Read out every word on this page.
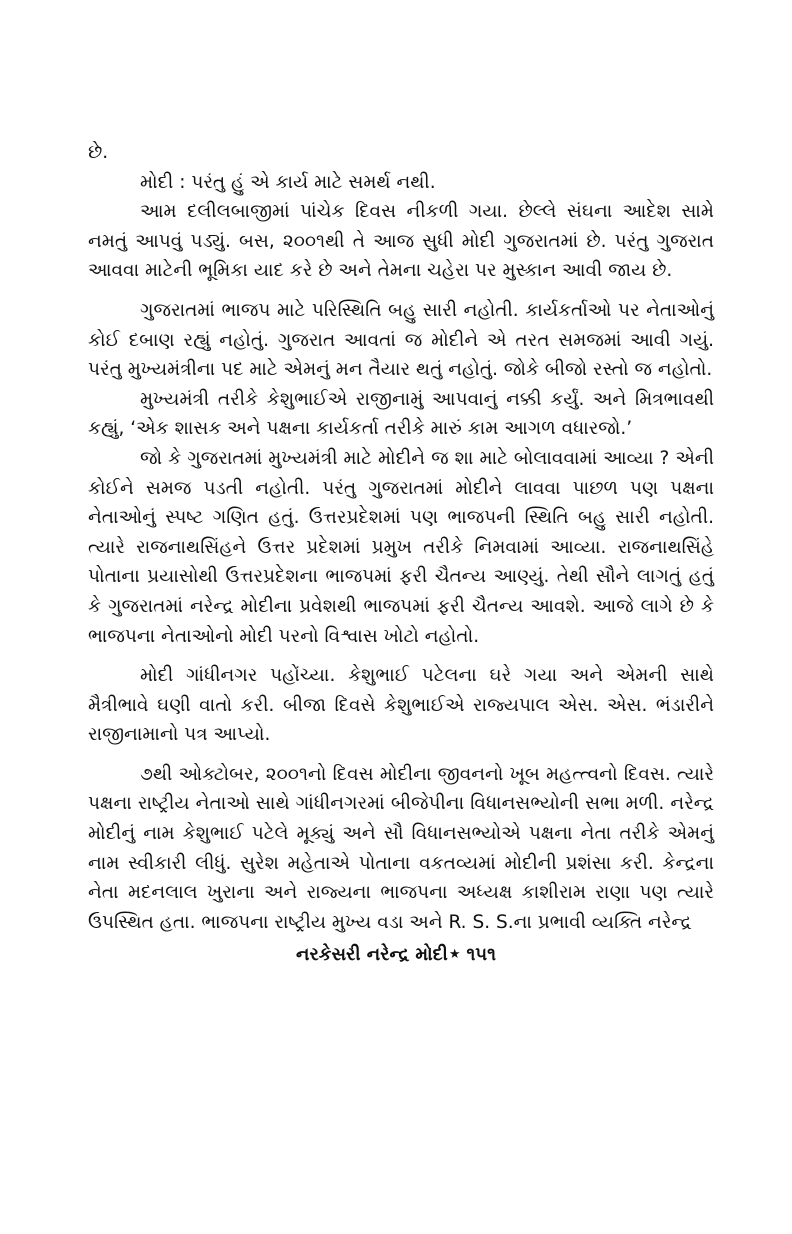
છે.

મોદી : પરંતુ હું એ કાર્ય માટે સમર્થ નથી.

આમ દલીલબાજીમાં પાંચેક દિવસ નીકળી ગયા. છેલ્લે સંઘના આદેશ સામે નમતું આપવું પડ્યું. બસ, ૨૦૦૧થી તે આજ સુધી મોદી ગુજરાતમાં છે. પરંતુ ગુજરાત આવવા માટેની ભૂમિકા યાદ કરે છે અને તેમના ચહેરા પર મુસ્કાન આવી જાય છે.

ગુજરાતમાં ભાજપ માટે પરિસ્થિતિ બહુ સારી નહોતી. કાર્યકર્તાઓ પર નેતાઓનું કોઈ દબાણ રહ્યું નહોતું. ગુજરાત આવતાં જ મોદીને એ તરત સમજમાં આવી ગયું. પરંતુ મુખ્યમંત્રીના પદ માટે એમનું મન તૈયાર થતું નહોતું. જોકે બીજો રસ્તો જ નહોતો.

મુખ્યમંત્રી તરીકે કેશુભાઈએ રાજીનામું આપવાનું નક્કી કર્યું. અને મિત્રભાવથી કહ્યું, ‘એક શાસક અને પક્ષના કાર્યકર્તા તરીકે મારું કામ આગળ વધારજો.’

જો કે ગુજરાતમાં મુખ્યમંત્રી માટે મોદીને જ શા માટે બોલાવવામાં આવ્યા ? એની કોઈને સમજ પડતી નહોતી. પરંતુ ગુજરાતમાં મોદીને લાવવા પાછળ પણ પક્ષના નેતાઓનું સ્પષ્ટ ગણિત હતું. ઉત્તરપ્રદેશમાં પણ ભાજપની સ્થિતિ બહુ સારી નહોતી. ત્યારે રાજનાથસિંહને ઉત્તર પ્રદેશમાં પ્રમુખ તરીકે નિમવામાં આવ્યા. રાજનાથસિંહે પોતાના પ્રયાસોથી ઉત્તરપ્રદેશના ભાજપમાં ફરી ચૈતન્ય આણ્યું. તેથી સૌને લાગતું હતું કે ગુજરાતમાં નરેન્દ્ર મોદીના પ્રવેશથી ભાજપમાં ફરી ચૈતન્ય આવશે. આજે લાગે છે કે ભાજપના નેતાઓનો મોદી પરનો વિશ્વાસ ખોટો નહોતો.

મોદી ગાંધીનગર પહોંચ્યા. કેશુભાઈ પટેલના ઘરે ગયા અને એમની સાથે મૈત્રીભાવે ઘણી વાતો કરી. બીજા દિવસે કેશુભાઈએ રાજ્યપાલ એસ. એસ. ભંડારીને રાજીનામાનો પત્ર આપ્યો.

૭થી ઓક્ટોબર, ૨૦૦૧નો દિવસ મોદીના જીવનનો ખૂબ મહત્ત્વનો દિવસ. ત્યારે પક્ષના રાષ્ટ્રીય નેતાઓ સાથે ગાંધીનગરમાં બીજેપીના વિધાનસભ્યોની સભા મળી. નરેન્દ્ર મોદીનું નામ કેશુભાઈ પટેલે મૂક્યું અને સૌ વિધાનસભ્યોએ પક્ષના નેતા તરીકે એમનું નામ સ્વીકારી લીધું. સુરેશ મહેતાએ પોતાના વકતવ્યમાં મોદીની પ્રશંસા કરી. કેન્દ્રના નેતા મદનલાલ ખુરાના અને રાજ્યના ભાજપના અધ્યક્ષ કાશીરામ રાણા પણ ત્યારે ઉપસ્થિત હતા. ભાજપના રાષ્ટ્રીય મુખ્ય વડા અને R. S. S.ના પ્રભાવી વ્યક્તિ નરેન્દ્ર

નરકેસરી નરેન્દ્ર મોદી★ ૧૫૧
